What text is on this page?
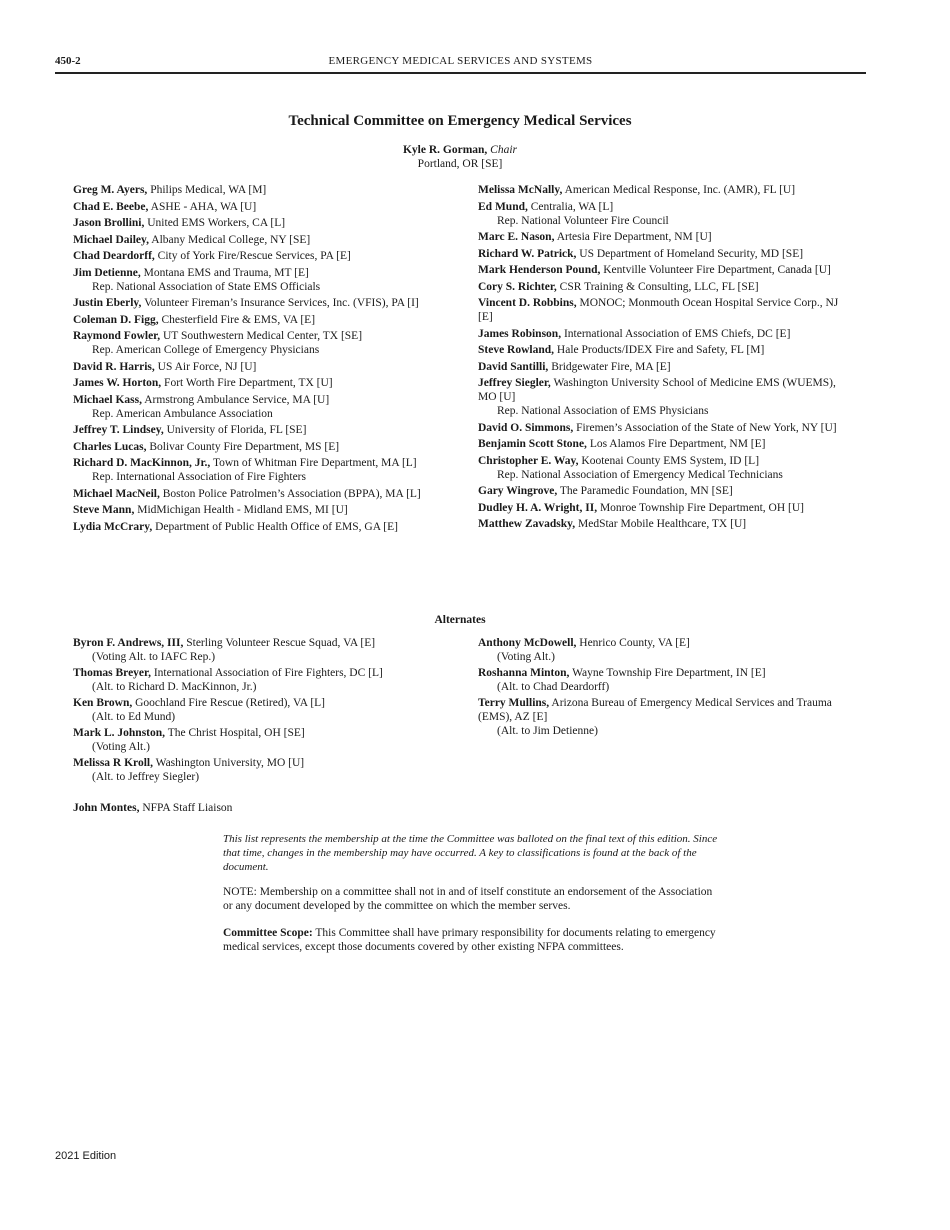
450-2	EMERGENCY MEDICAL SERVICES AND SYSTEMS
Technical Committee on Emergency Medical Services
Kyle R. Gorman, Chair
Portland, OR [SE]
Greg M. Ayers, Philips Medical, WA [M]
Chad E. Beebe, ASHE - AHA, WA [U]
Jason Brollini, United EMS Workers, CA [L]
Michael Dailey, Albany Medical College, NY [SE]
Chad Deardorff, City of York Fire/Rescue Services, PA [E]
Jim Detienne, Montana EMS and Trauma, MT [E]
Rep. National Association of State EMS Officials
Justin Eberly, Volunteer Fireman’s Insurance Services, Inc. (VFIS), PA [I]
Coleman D. Figg, Chesterfield Fire & EMS, VA [E]
Raymond Fowler, UT Southwestern Medical Center, TX [SE]
Rep. American College of Emergency Physicians
David R. Harris, US Air Force, NJ [U]
James W. Horton, Fort Worth Fire Department, TX [U]
Michael Kass, Armstrong Ambulance Service, MA [U]
Rep. American Ambulance Association
Jeffrey T. Lindsey, University of Florida, FL [SE]
Charles Lucas, Bolivar County Fire Department, MS [E]
Richard D. MacKinnon, Jr., Town of Whitman Fire Department, MA [L]
Rep. International Association of Fire Fighters
Michael MacNeil, Boston Police Patrolmen’s Association (BPPA), MA [L]
Steve Mann, MidMichigan Health - Midland EMS, MI [U]
Lydia McCrary, Department of Public Health Office of EMS, GA [E]
Melissa McNally, American Medical Response, Inc. (AMR), FL [U]
Ed Mund, Centralia, WA [L]
Rep. National Volunteer Fire Council
Marc E. Nason, Artesia Fire Department, NM [U]
Richard W. Patrick, US Department of Homeland Security, MD [SE]
Mark Henderson Pound, Kentville Volunteer Fire Department, Canada [U]
Cory S. Richter, CSR Training & Consulting, LLC, FL [SE]
Vincent D. Robbins, MONOC; Monmouth Ocean Hospital Service Corp., NJ [E]
James Robinson, International Association of EMS Chiefs, DC [E]
Steve Rowland, Hale Products/IDEX Fire and Safety, FL [M]
David Santilli, Bridgewater Fire, MA [E]
Jeffrey Siegler, Washington University School of Medicine EMS (WUEMS), MO [U]
Rep. National Association of EMS Physicians
David O. Simmons, Firemen’s Association of the State of New York, NY [U]
Benjamin Scott Stone, Los Alamos Fire Department, NM [E]
Christopher E. Way, Kootenai County EMS System, ID [L]
Rep. National Association of Emergency Medical Technicians
Gary Wingrove, The Paramedic Foundation, MN [SE]
Dudley H. A. Wright, II, Monroe Township Fire Department, OH [U]
Matthew Zavadsky, MedStar Mobile Healthcare, TX [U]
Alternates
Byron F. Andrews, III, Sterling Volunteer Rescue Squad, VA [E]
(Voting Alt. to IAFC Rep.)
Thomas Breyer, International Association of Fire Fighters, DC [L]
(Alt. to Richard D. MacKinnon, Jr.)
Ken Brown, Goochland Fire Rescue (Retired), VA [L]
(Alt. to Ed Mund)
Mark L. Johnston, The Christ Hospital, OH [SE]
(Voting Alt.)
Melissa R Kroll, Washington University, MO [U]
(Alt. to Jeffrey Siegler)
Anthony McDowell, Henrico County, VA [E]
(Voting Alt.)
Roshanna Minton, Wayne Township Fire Department, IN [E]
(Alt. to Chad Deardorff)
Terry Mullins, Arizona Bureau of Emergency Medical Services and Trauma (EMS), AZ [E]
(Alt. to Jim Detienne)
John Montes, NFPA Staff Liaison
This list represents the membership at the time the Committee was balloted on the final text of this edition. Since that time, changes in the membership may have occurred. A key to classifications is found at the back of the document.
NOTE: Membership on a committee shall not in and of itself constitute an endorsement of the Association or any document developed by the committee on which the member serves.
Committee Scope: This Committee shall have primary responsibility for documents relating to emergency medical services, except those documents covered by other existing NFPA committees.
2021 Edition
